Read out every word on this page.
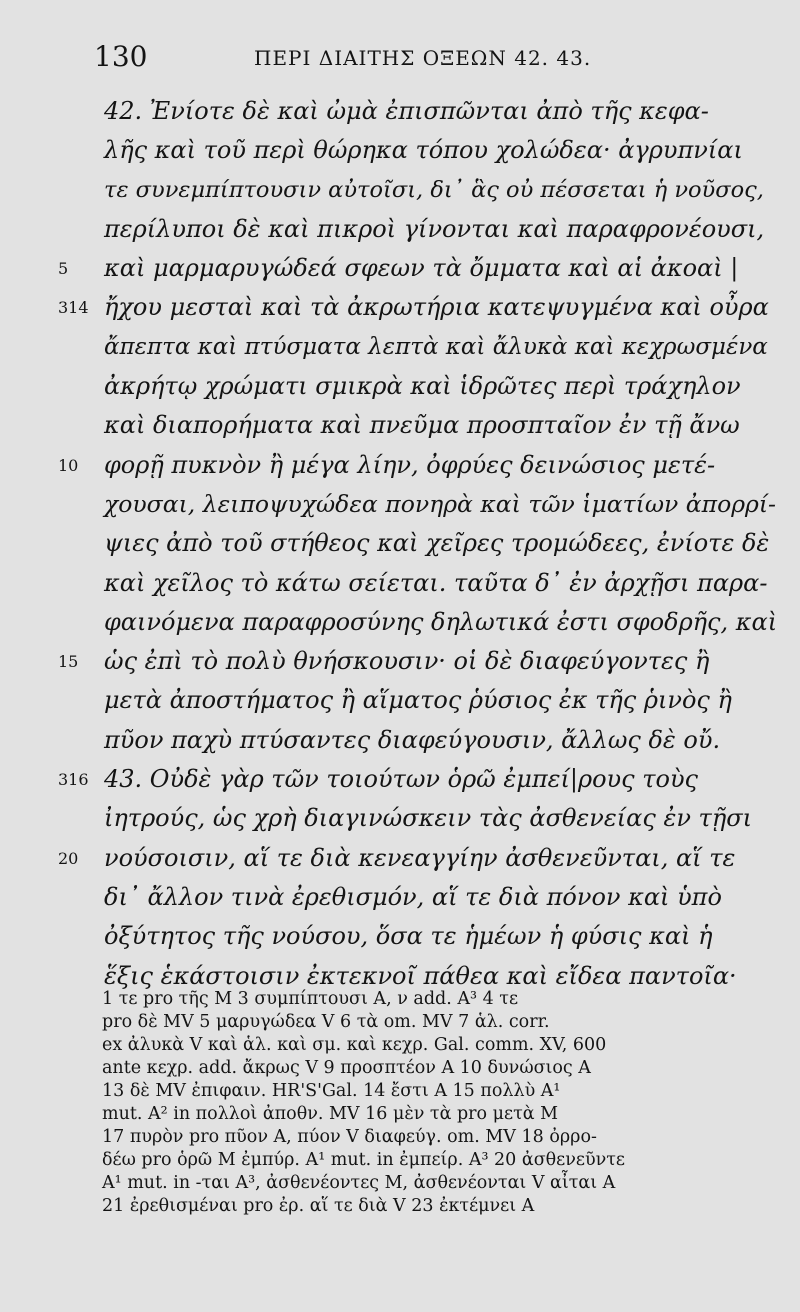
130	ΠΕΡΙ ΔΙΑΙΤΗΣ ΟΞΕΩΝ 42. 43.
42. Ἐνίοτε δὲ καὶ ὠμὰ ἐπισπῶνται ἀπὸ τῆς κεφα-
λῆς καὶ τοῦ περὶ θώρηκα τόπου χολώδεα· ἀγρυπνίαι
τε συνεμπίπτουσιν αὐτοῖσι, δι᾽ ἃς οὐ πέσσεται ἡ νοῦσος,
περίλυποι δὲ καὶ πικροὶ γίνονται καὶ παραφρονέουσι,
5	καὶ μαρμαρυγώδεά σφεων τὰ ὄμματα καὶ αἱ ἀκοαὶ |
314 ἤχου μεσταὶ καὶ τὰ ἀκρωτήρια κατεψυγμένα καὶ οὖρα
ἄπεπτα καὶ πτύσματα λεπτὰ καὶ ἄλυκὰ καὶ κεχρωσμένα
ἀκρήτῳ χρώματι σμικρὰ καὶ ἱδρῶτες περὶ τράχηλον
καὶ διαπορήματα καὶ πνεῦμα προσπταῖον ἐν τῇ ἄνω
10	φορῇ πυκνὸν ἢ μέγα λίην, ὀφρύες δεινώσιος μετέ-
χουσαι, λειποψυχώδεα πονηρὰ καὶ τῶν ἱματίων ἀπορρί-
ψιες ἀπὸ τοῦ στήθεος καὶ χεῖρες τρομώδεες, ἐνίοτε δὲ
καὶ χεῖλος τὸ κάτω σείεται. ταῦτα δ᾽ ἐν ἀρχῇσι παρα-
φαινόμενα παραφροσύνης δηλωτικά ἐστι σφοδρῆς, καὶ
15	ὡς ἐπὶ τὸ πολὺ θνήσκουσιν· οἱ δὲ διαφεύγοντες ἢ
μετὰ ἀποστήματος ἢ αἵματος ῥύσιος ἐκ τῆς ῥινὸς ἢ
πῦον παχὺ πτύσαντες διαφεύγουσιν, ἄλλως δὲ οὔ.
316 43. Οὐδὲ γὰρ τῶν τοιούτων ὁρῶ ἐμπεί|ρους τοὺς
ἰητρούς, ὡς χρὴ διαγινώσκειν τὰς ἀσθενείας ἐν τῇσι
20	νούσοισιν, αἵ τε διὰ κενεαγγίην ἀσθενεῦνται, αἵ τε
δι᾽ ἄλλον τινὰ ἐρεθισμόν, αἵ τε διὰ πόνον καὶ ὑπὸ
ὀξύτητος τῆς νούσου, ὅσα τε ἡμέων ἡ φύσις καὶ ἡ
ἕξις ἑκάστοισιν ἐκτεκνοῖ πάθεα καὶ εἴδεα παντοῖα·
1 τε pro τῆς M 3 συμπίπτουσι A, ν add. A³ 4 τε
pro δὲ MV 5 μαρυγώδεα V 6 τὰ om. MV 7 ἁλ. corr.
ex ἀλυκὰ V καὶ ἁλ. καὶ σμ. καὶ κεχρ. Gal. comm. XV, 600
ante κεχρ. add. ἄκρως V 9 προσπτέον A 10 δυνώσιος A
13 δὲ MV ἐπιφαιν. HR'S'Gal. 14 ἔστι A 15 πολλὺ A¹
mut. A² in πολλοὶ ἀποθν. MV 16 μὲν τὰ pro μετὰ M
17 πυρὸν pro πῦον A, πύον V διαφεύγ. om. MV 18 ὀρρο-
δέω pro ὁρῶ M ἐμπύρ. A¹ mut. in ἐμπείρ. A³ 20 ἀσθενεῦντε
A¹ mut. in -ται A³, ἀσθενέοντες M, ἀσθενέονται V αἶται A
21 ἐρεθισμέναι pro ἐρ. αἵ τε διὰ V 23 ἐκτέμνει A
